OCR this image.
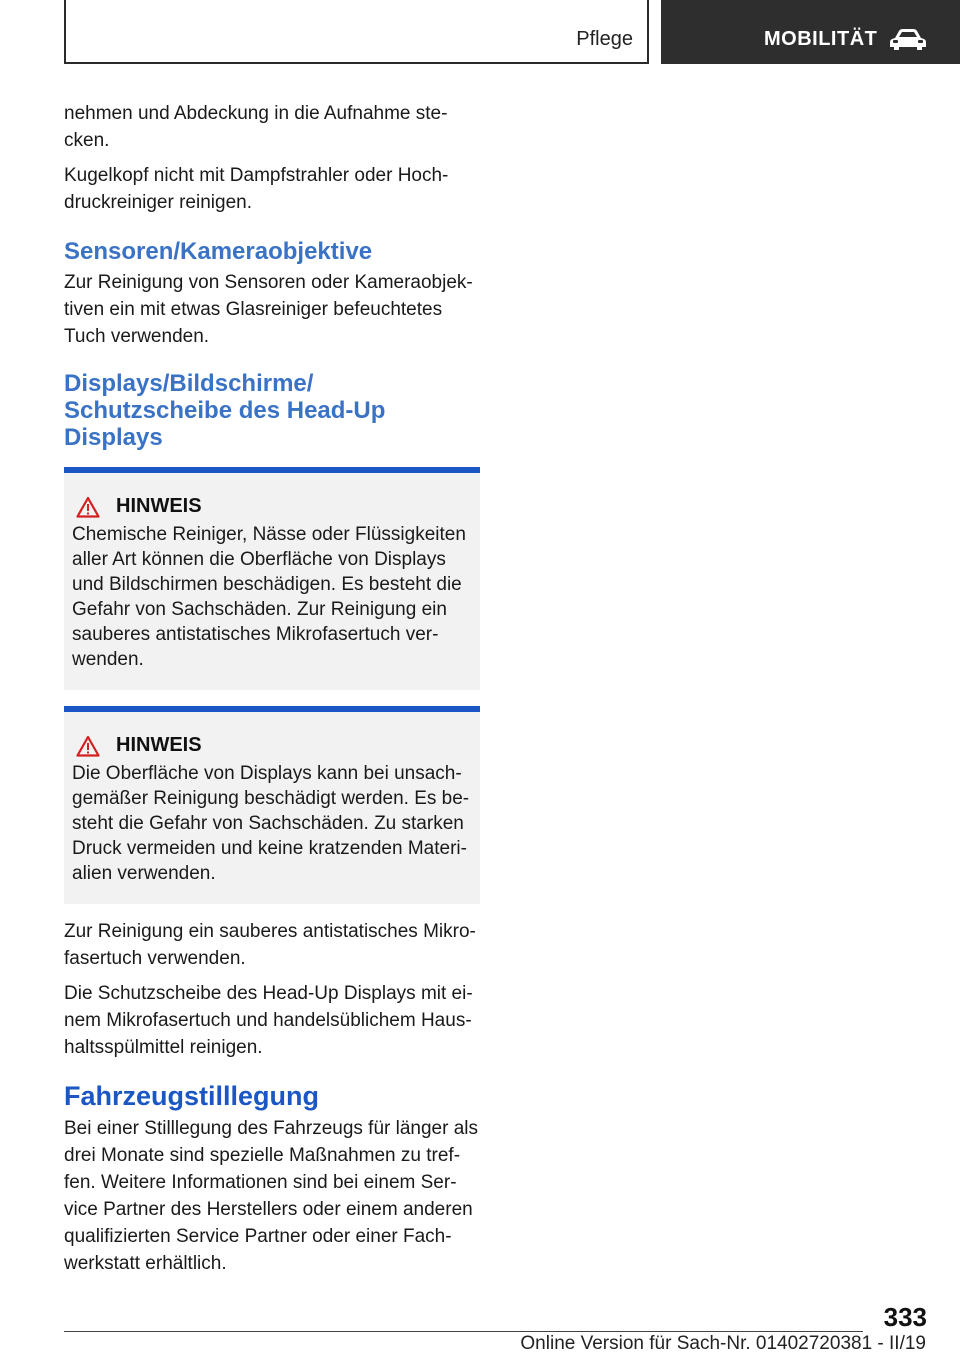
Pflege	MOBILITÄT

nehmen und Abdeckung in die Aufnahme ste‐ cken.

Kugelkopf nicht mit Dampfstrahler oder Hoch‐ druckreiniger reinigen.

Sensoren/Kameraobjektive

Zur Reinigung von Sensoren oder Kameraobjek‐ tiven ein mit etwas Glasreiniger befeuchtetes Tuch verwenden.

Displays/Bildschirme/ Schutzscheibe des Head-Up Displays
HINWEIS

Chemische Reiniger, Nässe oder Flüssigkeiten aller Art können die Oberfläche von Displays und Bildschirmen beschädigen. Es besteht die Gefahr von Sachschäden. Zur Reinigung ein sauberes antistatisches Mikrofasertuch ver‐ wenden.

HINWEIS

Die Oberfläche von Displays kann bei unsach‐ gemäßer Reinigung beschädigt werden. Es be‐ steht die Gefahr von Sachschäden. Zu starken Druck vermeiden und keine kratzenden Materi‐ alien verwenden.

Zur Reinigung ein sauberes antistatisches Mikro‐ fasertuch verwenden.

Die Schutzscheibe des Head-Up Displays mit ei‐ nem Mikrofasertuch und handelsüblichem Haus‐ haltsspülmittel reinigen.

Fahrzeugstilllegung

Bei einer Stilllegung des Fahrzeugs für länger als drei Monate sind spezielle Maßnahmen zu tref‐ fen. Weitere Informationen sind bei einem Ser‐ vice Partner des Herstellers oder einem anderen qualifizierten Service Partner oder einer Fach‐ werkstatt erhältlich.

333
Online Version für Sach-Nr. 01402720381 - II/19
